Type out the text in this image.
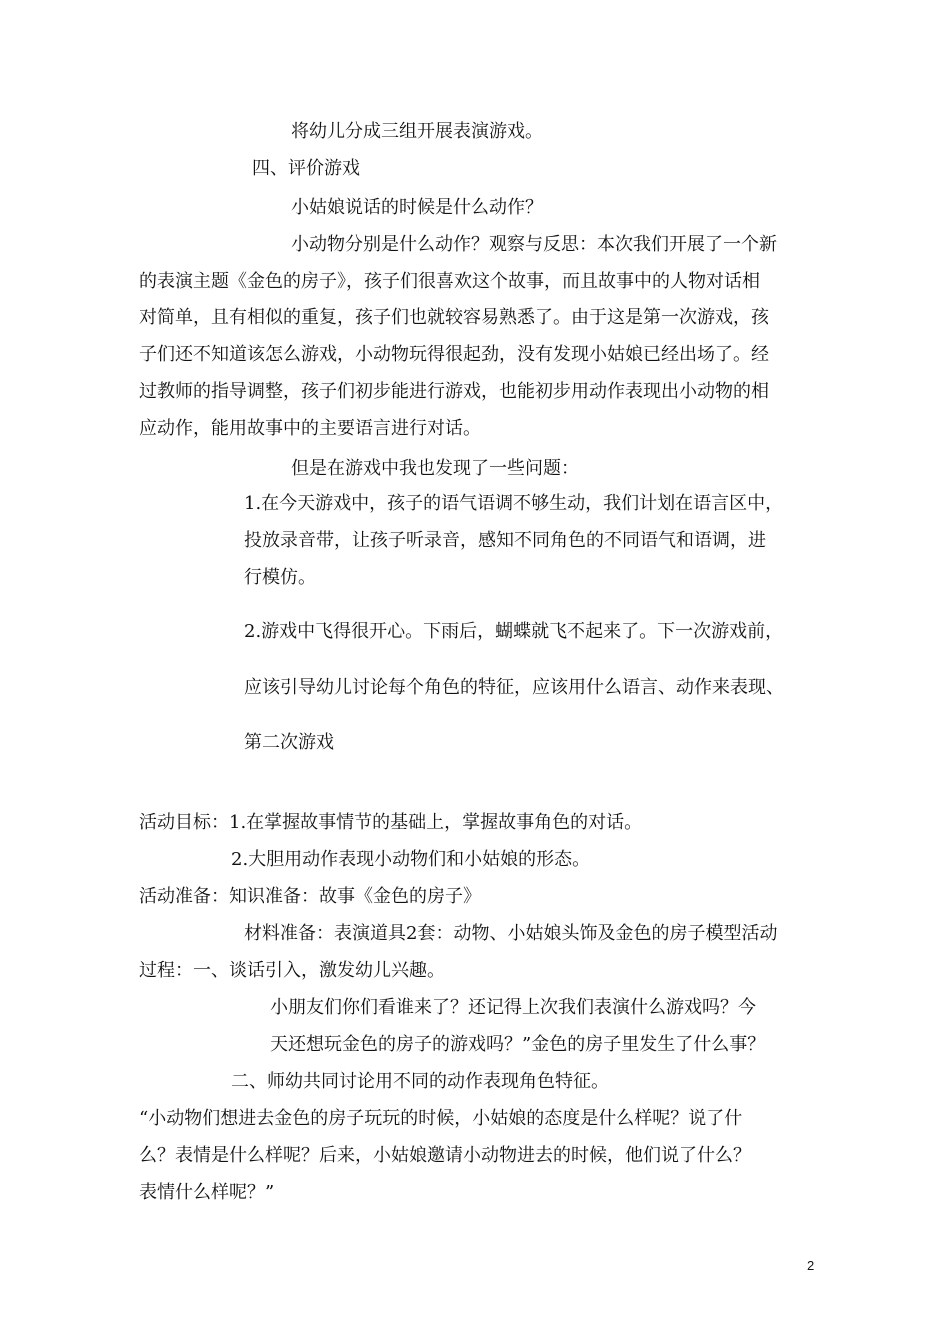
将幼儿分成三组开展表演游戏。
四、评价游戏
小姑娘说话的时候是什么动作？
小动物分别是什么动作？观察与反思：本次我们开展了一个新
的表演主题《金色的房子》，孩子们很喜欢这个故事，而且故事中的人物对话相
对简单，且有相似的重复，孩子们也就较容易熟悉了。由于这是第一次游戏，孩
子们还不知道该怎么游戏，小动物玩得很起劲，没有发现小姑娘已经出场了。经
过教师的指导调整，孩子们初步能进行游戏，也能初步用动作表现出小动物的相
应动作，能用故事中的主要语言进行对话。
但是在游戏中我也发现了一些问题：
1.在今天游戏中，孩子的语气语调不够生动，我们计划在语言区中，
投放录音带，让孩子听录音，感知不同角色的不同语气和语调，进
行模仿。
2.游戏中飞得很开心。下雨后，蝴蝶就飞不起来了。下一次游戏前，
应该引导幼儿讨论每个角色的特征，应该用什么语言、动作来表现、
第二次游戏
活动目标：1.在掌握故事情节的基础上，掌握故事角色的对话。
2.大胆用动作表现小动物们和小姑娘的形态。
活动准备：知识准备：故事《金色的房子》
材料准备：表演道具2套：动物、小姑娘头饰及金色的房子模型活动
过程：一、谈话引入，激发幼儿兴趣。
小朋友们你们看谁来了？还记得上次我们表演什么游戏吗？今
天还想玩金色的房子的游戏吗？”金色的房子里发生了什么事？
二、师幼共同讨论用不同的动作表现角色特征。
“小动物们想进去金色的房子玩玩的时候，小姑娘的态度是什么样呢？说了什
么？表情是什么样呢？后来，小姑娘邀请小动物进去的时候，他们说了什么？
表情什么样呢？”
2
